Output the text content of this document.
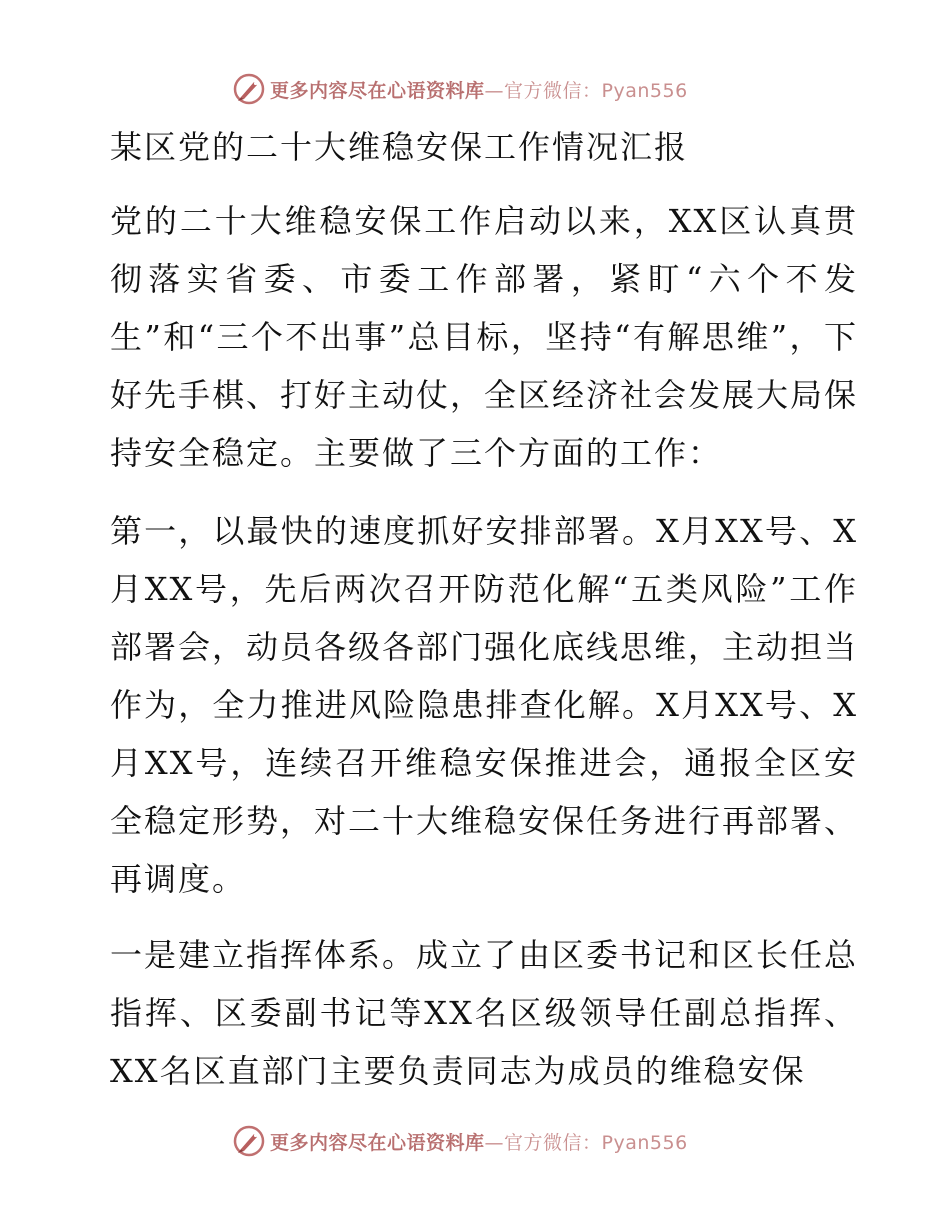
更多内容尽在心语资料库—官方微信：Pyan556
某区党的二十大维稳安保工作情况汇报

党的二十大维稳安保工作启动以来，XX区认真贯彻落实省委、市委工作部署，紧盯“六个不发生”和“三个不出事”总目标，坚持“有解思维”，下好先手棋、打好主动仗，全区经济社会发展大局保持安全稳定。主要做了三个方面的工作：

第一，以最快的速度抓好安排部署。X月XX号、X月XX号，先后两次召开防范化解“五类风险”工作部署会，动员各级各部门强化底线思维，主动担当作为，全力推进风险隐患排查化解。X月XX号、X月XX号，连续召开维稳安保推进会，通报全区安全稳定形势，对二十大维稳安保任务进行再部署、再调度。

一是建立指挥体系。成立了由区委书记和区长任总指挥、区委副书记等XX名区级领导任副总指挥、XX名区直部门主要负责同志为成员的维稳安保

更多内容尽在心语资料库—官方微信：Pyan556
